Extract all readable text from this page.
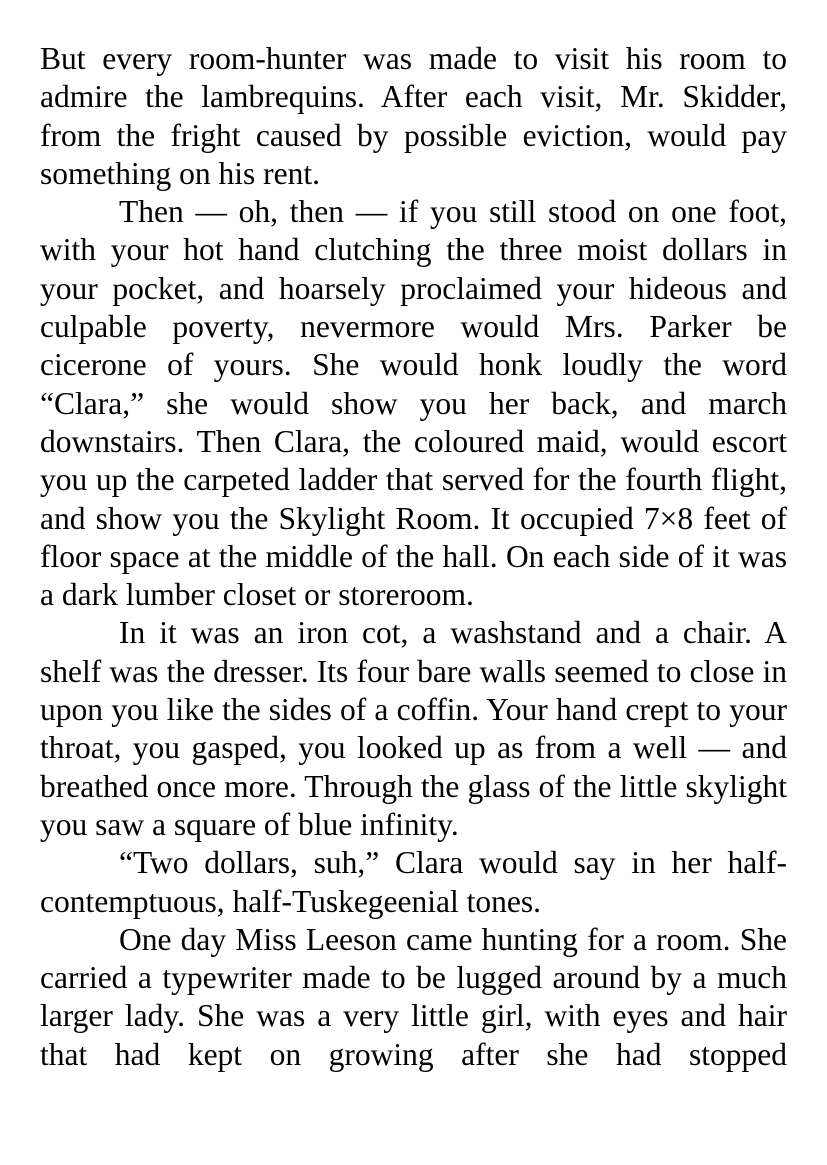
But every room-hunter was made to visit his room to admire the lambrequins. After each visit, Mr. Skidder, from the fright caused by possible eviction, would pay something on his rent.

Then — oh, then — if you still stood on one foot, with your hot hand clutching the three moist dollars in your pocket, and hoarsely proclaimed your hideous and culpable poverty, nevermore would Mrs. Parker be cicerone of yours. She would honk loudly the word “Clara,” she would show you her back, and march downstairs. Then Clara, the coloured maid, would escort you up the carpeted ladder that served for the fourth flight, and show you the Skylight Room. It occupied 7×8 feet of floor space at the middle of the hall. On each side of it was a dark lumber closet or storeroom.

In it was an iron cot, a washstand and a chair. A shelf was the dresser. Its four bare walls seemed to close in upon you like the sides of a coffin. Your hand crept to your throat, you gasped, you looked up as from a well — and breathed once more. Through the glass of the little skylight you saw a square of blue infinity.

“Two dollars, suh,” Clara would say in her half-contemptuous, half-Tuskegeenial tones.

One day Miss Leeson came hunting for a room. She carried a typewriter made to be lugged around by a much larger lady. She was a very little girl, with eyes and hair that had kept on growing after she had stopped
